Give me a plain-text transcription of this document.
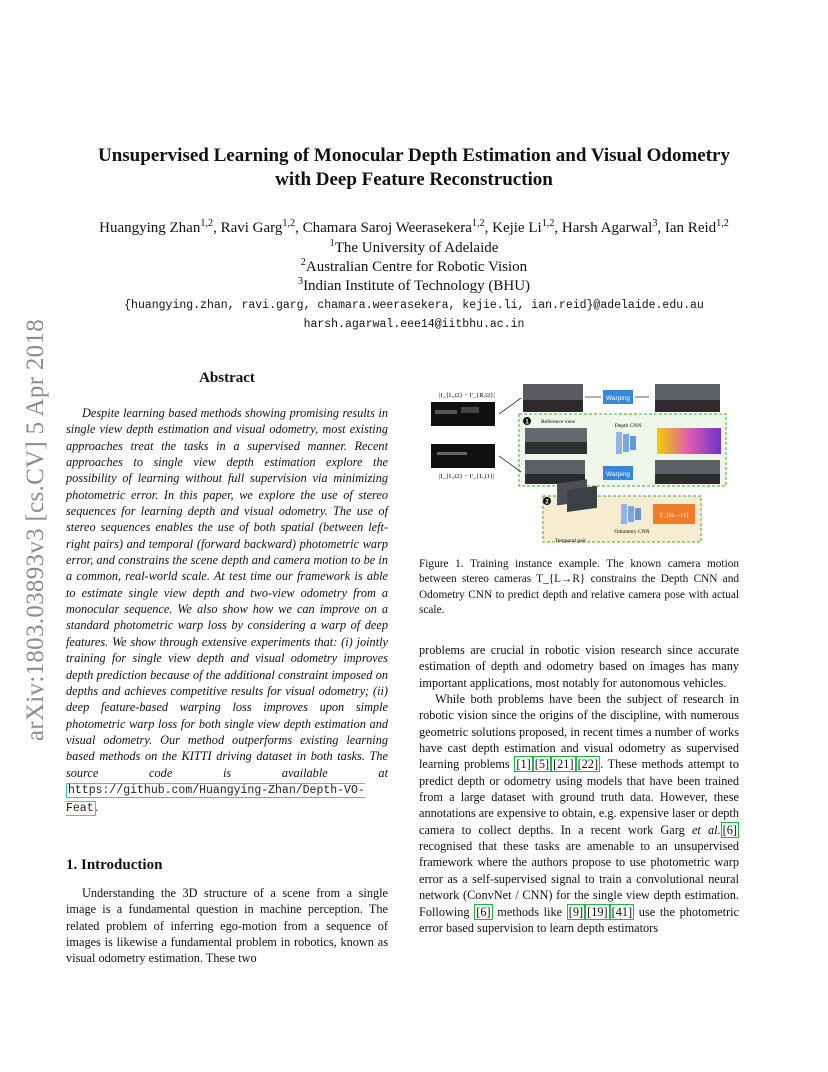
arXiv:1803.03893v3 [cs.CV] 5 Apr 2018
Unsupervised Learning of Monocular Depth Estimation and Visual Odometry
with Deep Feature Reconstruction
Huangying Zhan$^{1,2}$, Ravi Garg$^{1,2}$, Chamara Saroj Weerasekera$^{1,2}$, Kejie Li$^{1,2}$, Harsh Agarwal$^3$, Ian Reid$^{1,2}$
$^1$The University of Adelaide
$^2$Australian Centre for Robotic Vision
$^3$Indian Institute of Technology (BHU)
{huangying.zhan, ravi.garg, chamara.weerasekera, kejie.li, ian.reid}@adelaide.edu.au
harsh.agarwal.eee14@iitbhu.ac.in
Abstract

Despite learning based methods showing promising results in single view depth estimation and visual odometry, most existing approaches treat the tasks in a supervised manner. Recent approaches to single view depth estimation explore the possibility of learning without full supervision via minimizing photometric error. In this paper, we explore the use of stereo sequences for learning depth and visual odometry. The use of stereo sequences enables the use of both spatial (between left-right pairs) and temporal (forward backward) photometric warp error, and constrains the scene depth and camera motion to be in a common, real-world scale. At test time our framework is able to estimate single view depth and two-view odometry from a monocular sequence. We also show how we can improve on a standard photometric warp loss by considering a warp of deep features. We show through extensive experiments that: (i) jointly training for single view depth and visual odometry improves depth prediction because of the additional constraint imposed on depths and achieves competitive results for visual odometry; (ii) deep feature-based warping loss improves upon simple photometric warp loss for both single view depth estimation and visual odometry. Our method outperforms existing learning based methods on the KITTI driving dataset in both tasks. The source code is available at https://github.com/Huangying-Zhan/Depth-VO-Feat .

1. Introduction

Understanding the 3D structure of a scene from a single image is a fundamental question in machine perception. The related problem of inferring ego-motion from a sequence of images is likewise a fundamental problem in robotics, known as visual odometry estimation. These two

|I_{L,t2} − I'_{R,t2}|
|I_{L,t2} − I'_{L,t1}|
Warping
1 Reference view
Depth CNN
Warping
2
Temporal pair
Odometry CNN
T_{t2→t1}
Figure 1. Training instance example. The known camera motion between stereo cameras T_{L→R} constrains the Depth CNN and Odometry CNN to predict depth and relative camera pose with actual scale.

problems are crucial in robotic vision research since accurate estimation of depth and odometry based on images has many important applications, most notably for autonomous vehicles.

While both problems have been the subject of research in robotic vision since the origins of the discipline, with numerous geometric solutions proposed, in recent times a number of works have cast depth estimation and visual odometry as supervised learning problems [1] [5] [21] [22] . These methods attempt to predict depth or odometry using models that have been trained from a large dataset with ground truth data. However, these annotations are expensive to obtain, e.g. expensive laser or depth camera to collect depths. In a recent work Garg et al. [6] recognised that these tasks are amenable to an unsupervised framework where the authors propose to use photometric warp error as a self-supervised signal to train a convolutional neural network (ConvNet / CNN) for the single view depth estimation. Following [6] methods like [9] [19] [41] use the photometric error based supervision to learn depth estimators
